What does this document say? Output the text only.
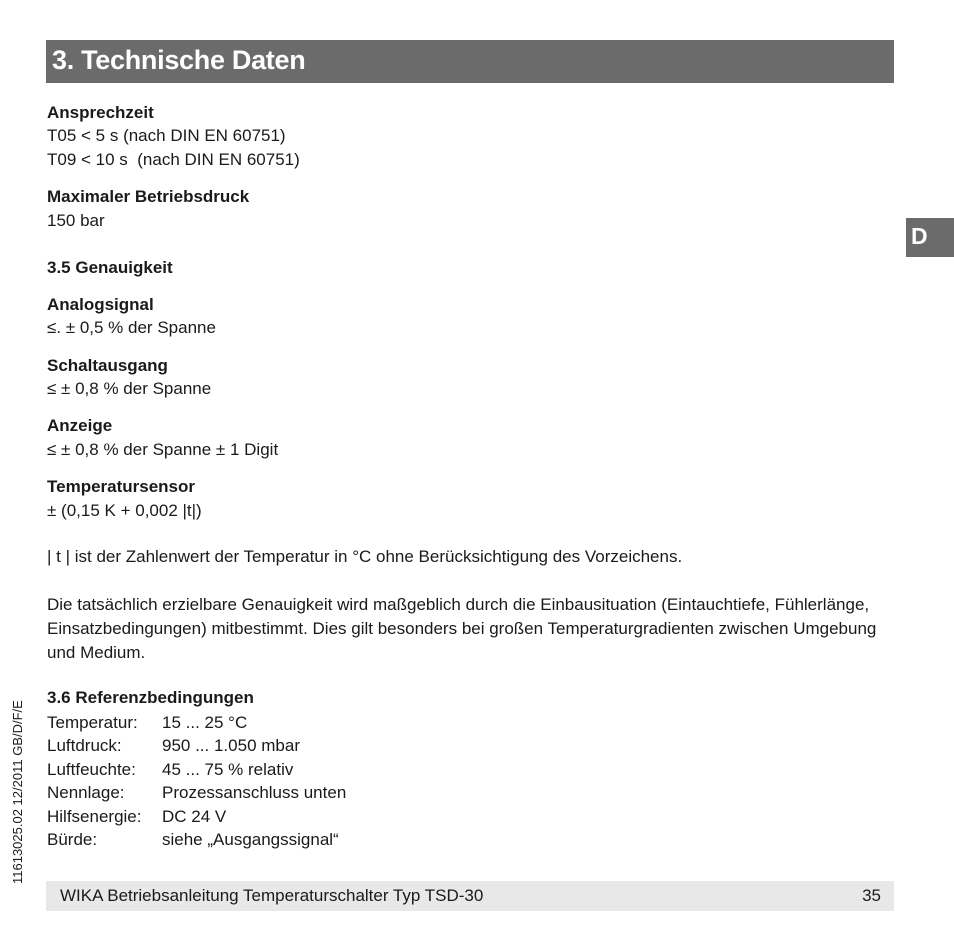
3. Technische Daten
D
Ansprechzeit
T05 < 5 s (nach DIN EN 60751)
T09 < 10 s  (nach DIN EN 60751)
Maximaler Betriebsdruck
150 bar
3.5 Genauigkeit
Analogsignal
≤. ± 0,5 % der Spanne
Schaltausgang
≤ ± 0,8 % der Spanne
Anzeige
≤ ± 0,8 % der Spanne ± 1 Digit
Temperatursensor
± (0,15 K + 0,002 |t|)
| t | ist der Zahlenwert der Temperatur in °C ohne Berücksichtigung des Vorzeichens.
Die tatsächlich erzielbare Genauigkeit wird maßgeblich durch die Einbausituation (Eintauchtiefe, Fühlerlänge, Einsatzbedingungen) mitbestimmt. Dies gilt besonders bei großen Temperaturgradienten zwischen Umgebung und Medium.
3.6 Referenzbedingungen
Temperatur: 15 ... 25 °C
Luftdruck: 950 ... 1.050 mbar
Luftfeuchte: 45 ... 75 % relativ
Nennlage: Prozessanschluss unten
Hilfsenergie: DC 24 V
Bürde:	siehe „Ausgangssignal“
11613025.02 12/2011 GB/D/F/E
WIKA Betriebsanleitung Temperaturschalter Typ TSD-30	35
